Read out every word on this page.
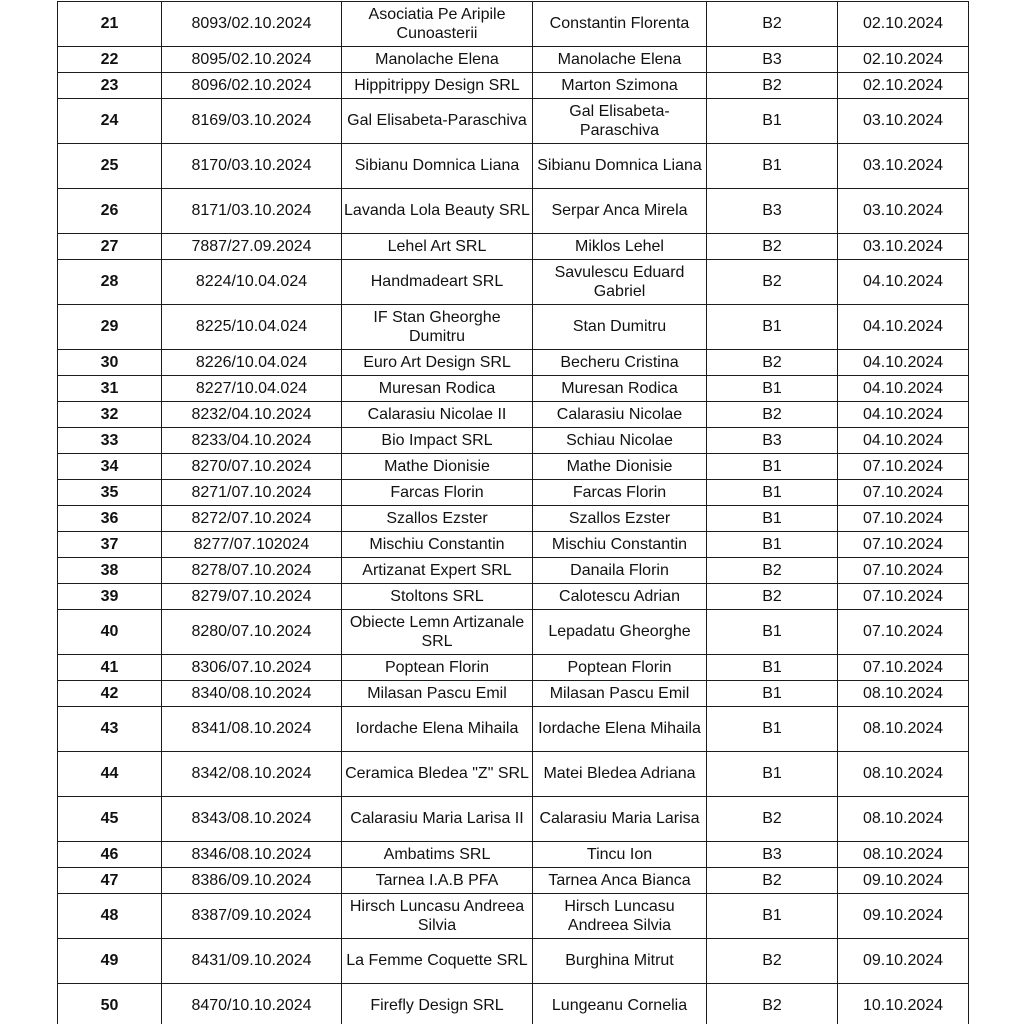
21	8093/02.10.2024	Asociatia Pe Aripile Cunoasterii	Constantin Florenta	B2	02.10.2024
22	8095/02.10.2024	Manolache Elena	Manolache Elena	B3	02.10.2024
23	8096/02.10.2024	Hippitrippy Design SRL	Marton Szimona	B2	02.10.2024
24	8169/03.10.2024	Gal Elisabeta-Paraschiva	Gal Elisabeta-Paraschiva	B1	03.10.2024
25	8170/03.10.2024	Sibianu Domnica Liana	Sibianu Domnica Liana	B1	03.10.2024
26	8171/03.10.2024	Lavanda Lola Beauty SRL	Serpar Anca Mirela	B3	03.10.2024
27	7887/27.09.2024	Lehel Art SRL	Miklos Lehel	B2	03.10.2024
28	8224/10.04.024	Handmadeart SRL	Savulescu Eduard Gabriel	B2	04.10.2024
29	8225/10.04.024	IF Stan Gheorghe Dumitru	Stan Dumitru	B1	04.10.2024
30	8226/10.04.024	Euro Art Design SRL	Becheru Cristina	B2	04.10.2024
31	8227/10.04.024	Muresan Rodica	Muresan Rodica	B1	04.10.2024
32	8232/04.10.2024	Calarasiu Nicolae II	Calarasiu Nicolae	B2	04.10.2024
33	8233/04.10.2024	Bio Impact SRL	Schiau Nicolae	B3	04.10.2024
34	8270/07.10.2024	Mathe Dionisie	Mathe Dionisie	B1	07.10.2024
35	8271/07.10.2024	Farcas Florin	Farcas Florin	B1	07.10.2024
36	8272/07.10.2024	Szallos Ezster	Szallos Ezster	B1	07.10.2024
37	8277/07.102024	Mischiu Constantin	Mischiu Constantin	B1	07.10.2024
38	8278/07.10.2024	Artizanat Expert SRL	Danaila Florin	B2	07.10.2024
39	8279/07.10.2024	Stoltons SRL	Calotescu Adrian	B2	07.10.2024
40	8280/07.10.2024	Obiecte Lemn Artizanale SRL	Lepadatu Gheorghe	B1	07.10.2024
41	8306/07.10.2024	Poptean Florin	Poptean Florin	B1	07.10.2024
42	8340/08.10.2024	Milasan Pascu Emil	Milasan Pascu Emil	B1	08.10.2024
43	8341/08.10.2024	Iordache Elena Mihaila	Iordache Elena Mihaila	B1	08.10.2024
44	8342/08.10.2024	Ceramica Bledea "Z" SRL	Matei Bledea Adriana	B1	08.10.2024
45	8343/08.10.2024	Calarasiu Maria Larisa II	Calarasiu Maria Larisa	B2	08.10.2024
46	8346/08.10.2024	Ambatims SRL	Tincu Ion	B3	08.10.2024
47	8386/09.10.2024	Tarnea I.A.B PFA	Tarnea Anca Bianca	B2	09.10.2024
48	8387/09.10.2024	Hirsch Luncasu Andreea Silvia	Hirsch Luncasu Andreea Silvia	B1	09.10.2024
49	8431/09.10.2024	La Femme Coquette SRL	Burghina Mitrut	B2	09.10.2024
50	8470/10.10.2024	Firefly Design SRL	Lungeanu Cornelia	B2	10.10.2024
